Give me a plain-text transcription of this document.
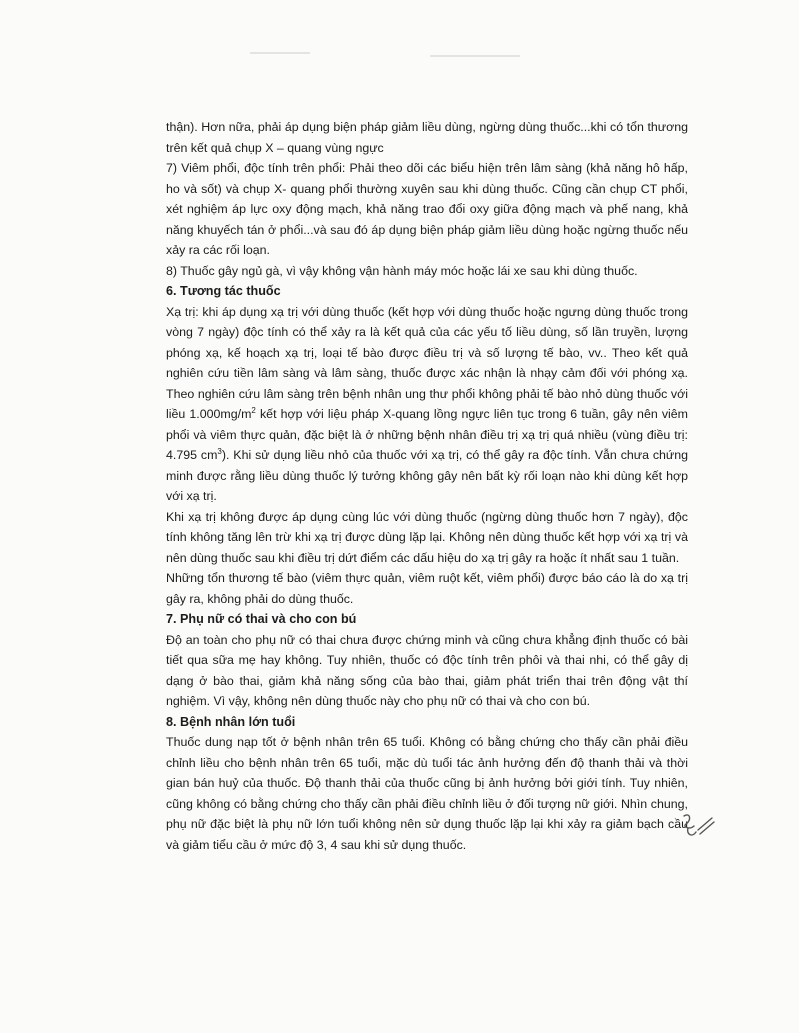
thận). Hơn nữa, phải áp dụng biện pháp giảm liều dùng, ngừng dùng thuốc...khi có tổn thương trên kết quả chụp X – quang vùng ngực

7) Viêm phổi, độc tính trên phổi: Phải theo dõi các biểu hiện trên lâm sàng (khả năng hô hấp, ho và sốt) và chụp X- quang phổi thường xuyên sau khi dùng thuốc. Cũng cần chụp CT phổi, xét nghiệm áp lực oxy động mạch, khả năng trao đổi oxy giữa động mạch và phế nang, khả năng khuyếch tán ở phổi...và sau đó áp dụng biện pháp giảm liều dùng hoặc ngừng thuốc nếu xảy ra các rối loạn.

8) Thuốc gây ngủ gà, vì vậy không vận hành máy móc hoặc lái xe sau khi dùng thuốc.

6. Tương tác thuốc

Xạ trị: khi áp dụng xạ trị với dùng thuốc (kết hợp với dùng thuốc hoặc ngưng dùng thuốc trong vòng 7 ngày) độc tính có thể xảy ra là kết quả của các yếu tố liều dùng, số lần truyền, lượng phóng xạ, kế hoạch xạ trị, loại tế bào được điều trị và số lượng tế bào, vv.. Theo kết quả nghiên cứu tiền lâm sàng và lâm sàng, thuốc được xác nhận là nhạy cảm đối với phóng xạ. Theo nghiên cứu lâm sàng trên bệnh nhân ung thư phổi không phải tế bào nhỏ dùng thuốc với liều $1.000mg/m^2$ kết hợp với liệu pháp X-quang lồng ngực liên tục trong 6 tuần, gây nên viêm phổi và viêm thực quản, đặc biệt là ở những bệnh nhân điều trị xạ trị quá nhiều (vùng điều trị: 4.795 $cm^3$). Khi sử dụng liều nhỏ của thuốc với xạ trị, có thể gây ra độc tính. Vẫn chưa chứng minh được rằng liều dùng thuốc lý tưởng không gây nên bất kỳ rối loạn nào khi dùng kết hợp với xạ trị.

Khi xạ trị không được áp dụng cùng lúc với dùng thuốc (ngừng dùng thuốc hơn 7 ngày), độc tính không tăng lên trừ khi xạ trị được dùng lặp lại. Không nên dùng thuốc kết hợp với xạ trị và nên dùng thuốc sau khi điều trị dứt điểm các dấu hiệu do xạ trị gây ra hoặc ít nhất sau 1 tuần.

Những tổn thương tế bào (viêm thực quản, viêm ruột kết, viêm phổi) được báo cáo là do xạ trị gây ra, không phải do dùng thuốc.

7. Phụ nữ có thai và cho con bú

Độ an toàn cho phụ nữ có thai chưa được chứng minh và cũng chưa khẳng định thuốc có bài tiết qua sữa mẹ hay không. Tuy nhiên, thuốc có độc tính trên phôi và thai nhi, có thể gây dị dạng ở bào thai, giảm khả năng sống của bào thai, giảm phát triển thai trên động vật thí nghiệm. Vì vậy, không nên dùng thuốc này cho phụ nữ có thai và cho con bú.

8. Bệnh nhân lớn tuổi

Thuốc dung nạp tốt ở bệnh nhân trên 65 tuổi. Không có bằng chứng cho thấy cần phải điều chỉnh liều cho bệnh nhân trên 65 tuổi, mặc dù tuổi tác ảnh hưởng đến độ thanh thải và thời gian bán huỷ của thuốc. Độ thanh thải của thuốc cũng bị ảnh hưởng bởi giới tính. Tuy nhiên, cũng không có bằng chứng cho thấy cần phải điều chỉnh liều ở đối tượng nữ giới. Nhìn chung, phụ nữ đặc biệt là phụ nữ lớn tuổi không nên sử dụng thuốc lặp lại khi xảy ra giảm bạch cầu và giảm tiểu cầu ở mức độ 3, 4 sau khi sử dụng thuốc.
